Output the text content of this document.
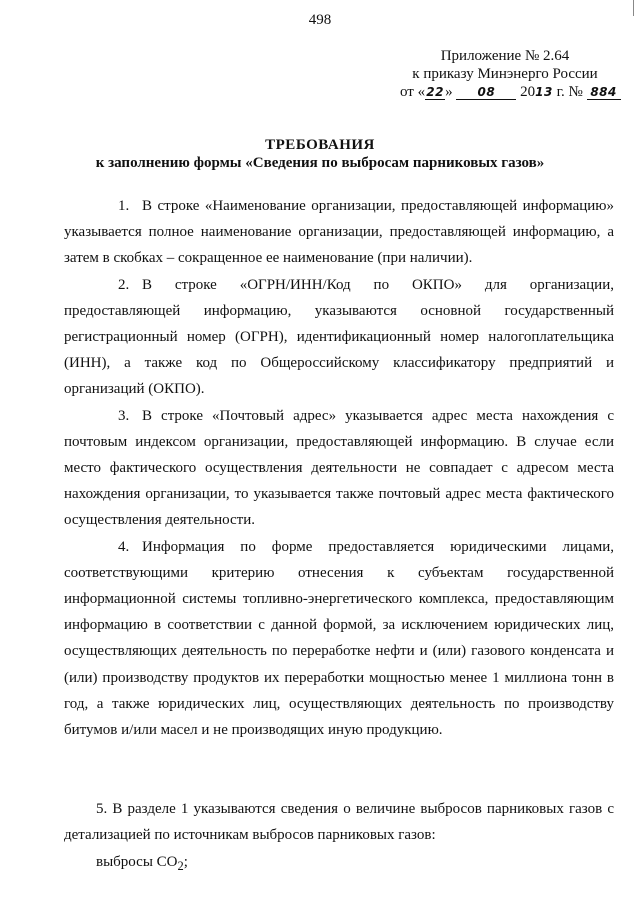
498
Приложение № 2.64
к приказу Минэнерго России
от «22» 08 2013 г. № 884
ТРЕБОВАНИЯ
к заполнению формы «Сведения по выбросам парниковых газов»

1. В строке «Наименование организации, предоставляющей информацию» указывается полное наименование организации, предоставляющей информацию, а затем в скобках – сокращенное ее наименование (при наличии).

2. В строке «ОГРН/ИНН/Код по ОКПО» для организации, предоставляющей информацию, указываются основной государственный регистрационный номер (ОГРН), идентификационный номер налогоплательщика (ИНН), а также код по Общероссийскому классификатору предприятий и организаций (ОКПО).

3. В строке «Почтовый адрес» указывается адрес места нахождения с почтовым индексом организации, предоставляющей информацию. В случае если место фактического осуществления деятельности не совпадает с адресом места нахождения организации, то указывается также почтовый адрес места фактического осуществления деятельности.

4. Информация по форме предоставляется юридическими лицами, соответствующими критерию отнесения к субъектам государственной информационной системы топливно-энергетического комплекса, предоставляющим информацию в соответствии с данной формой, за исключением юридических лиц, осуществляющих деятельность по переработке нефти и (или) газового конденсата и (или) производству продуктов их переработки мощностью менее 1 миллиона тонн в год, а также юридических лиц, осуществляющих деятельность по производству битумов и/или масел и не производящих иную продукцию.

5. В разделе 1 указываются сведения о величине выбросов парниковых газов с детализацией по источникам выбросов парниковых газов:

выбросы $CO_2$;
